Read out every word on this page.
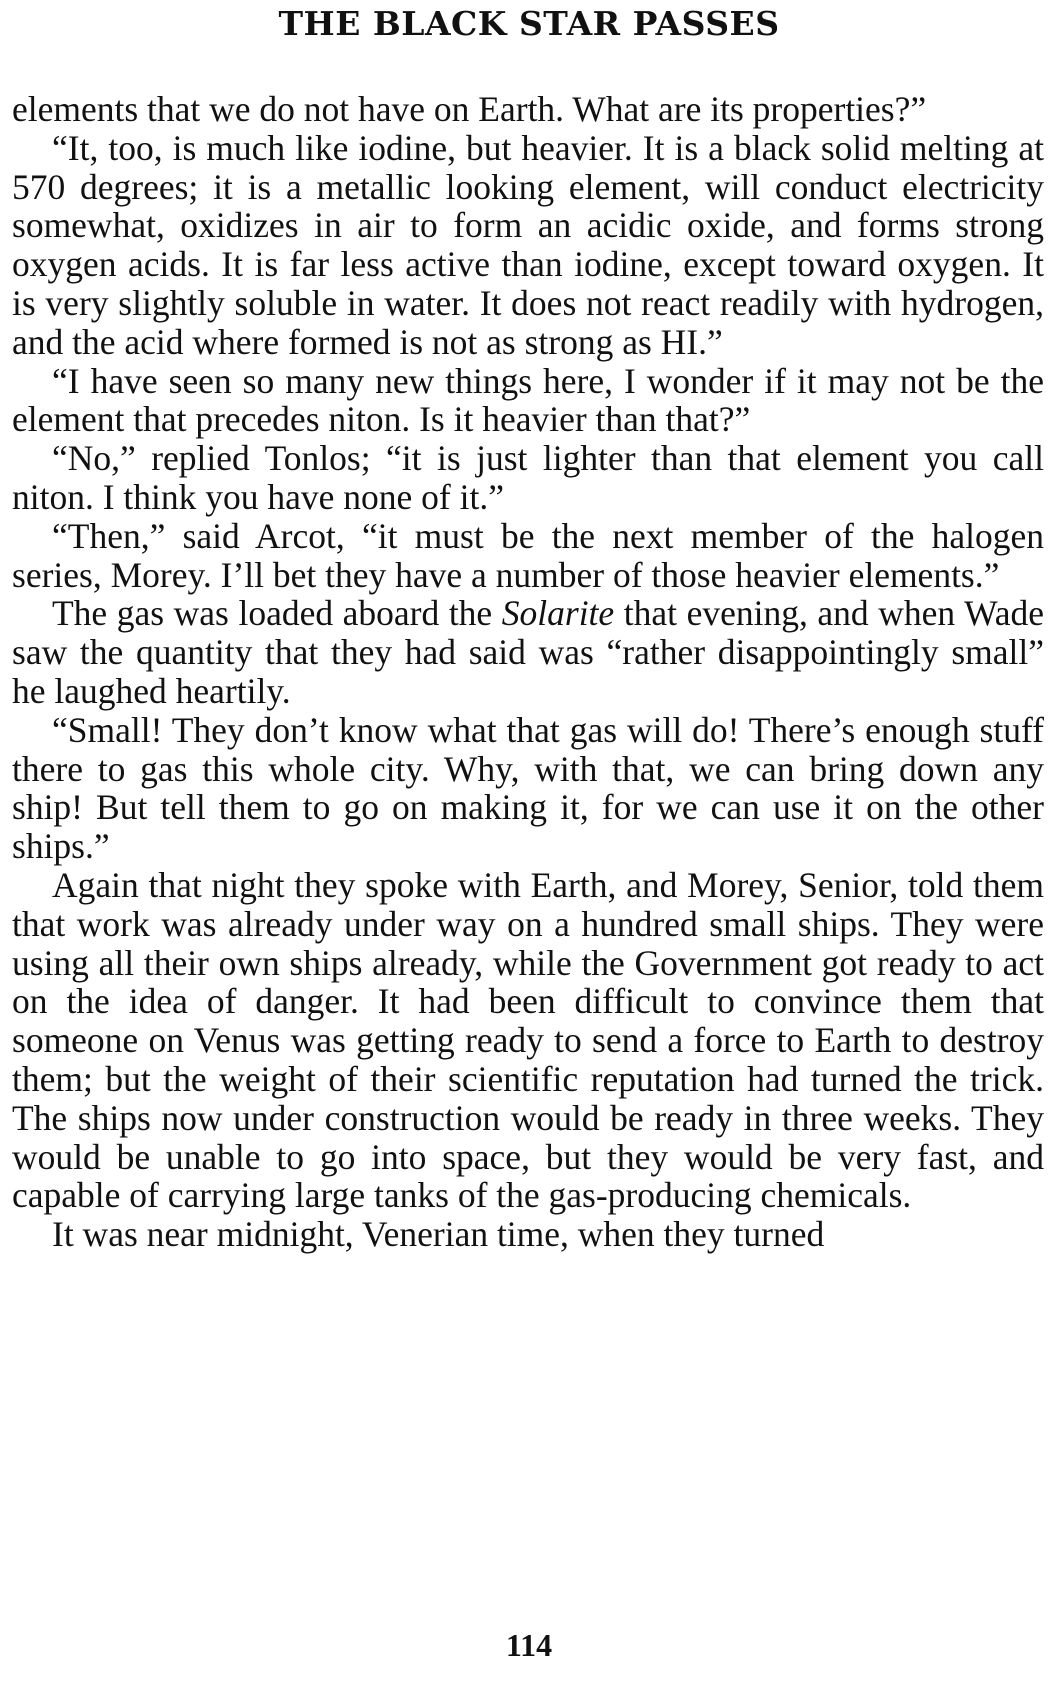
THE BLACK STAR PASSES

elements that we do not have on Earth. What are its properties?”

“It, too, is much like iodine, but heavier. It is a black solid melting at 570 degrees; it is a metallic looking element, will conduct electricity somewhat, oxidizes in air to form an acidic oxide, and forms strong oxygen acids. It is far less active than iodine, except toward oxygen. It is very slightly soluble in water. It does not react readily with hydrogen, and the acid where formed is not as strong as HI.”

“I have seen so many new things here, I wonder if it may not be the element that precedes niton. Is it heavier than that?”

“No,” replied Tonlos; “it is just lighter than that element you call niton. I think you have none of it.”

“Then,” said Arcot, “it must be the next member of the halogen series, Morey. I’ll bet they have a number of those heavier elements.”

The gas was loaded aboard the Solarite that evening, and when Wade saw the quantity that they had said was “rather disappointingly small” he laughed heartily.

“Small! They don’t know what that gas will do! There’s enough stuff there to gas this whole city. Why, with that, we can bring down any ship! But tell them to go on making it, for we can use it on the other ships.”

Again that night they spoke with Earth, and Morey, Senior, told them that work was already under way on a hundred small ships. They were using all their own ships already, while the Government got ready to act on the idea of danger. It had been difficult to convince them that someone on Venus was getting ready to send a force to Earth to destroy them; but the weight of their scientific reputation had turned the trick. The ships now under construction would be ready in three weeks. They would be unable to go into space, but they would be very fast, and capable of carrying large tanks of the gas-producing chemicals.

It was near midnight, Venerian time, when they turned

114
